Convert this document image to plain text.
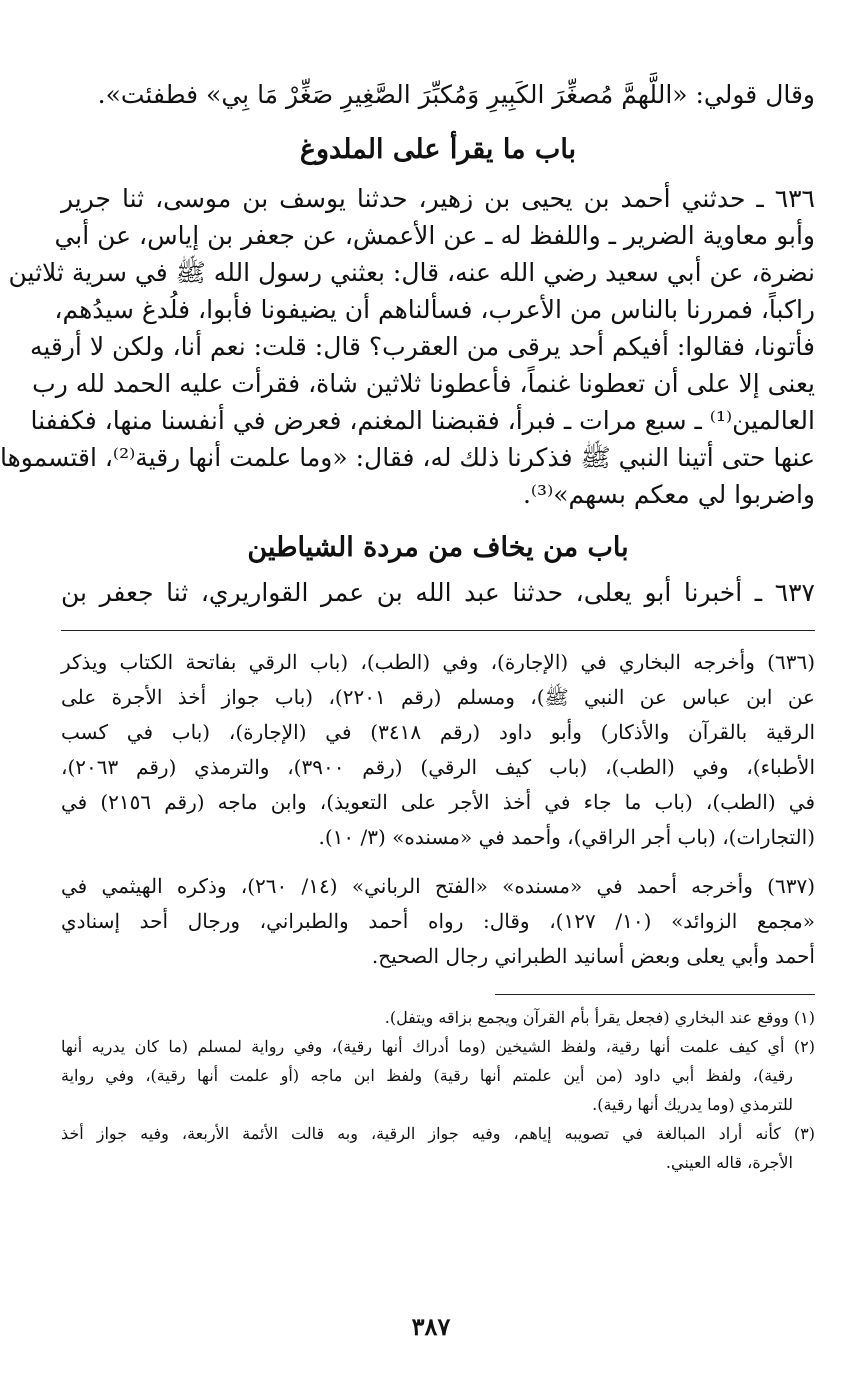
وقال قولي: «اللَّهمَّ مُصغِّرَ الكَبِيرِ وَمُكبِّرَ الصَّغِيرِ صَغِّرْ مَا بِي» فطفئت».
باب ما يقرأ على الملدوغ
٦٣٦ ـ حدثني أحمد بن يحيى بن زهير، حدثنا يوسف بن موسى، ثنا جرير
وأبو معاوية الضرير ـ واللفظ له ـ عن الأعمش، عن جعفر بن إياس، عن أبي
نضرة، عن أبي سعيد رضي الله عنه، قال: بعثني رسول الله ﷺ في سرية ثلاثين
راكباً، فمررنا بالناس من الأعرب، فسألناهم أن يضيفونا فأبوا، فلُدغ سيدُهم،
فأتونا، فقالوا: أفيكم أحد يرقى من العقرب؟ قال: قلت: نعم أنا، ولكن لا أرقيه
يعنى إلا على أن تعطونا غنماً، فأعطونا ثلاثين شاة، فقرأت عليه الحمد لله رب
العالمين⁽¹⁾ ـ سبع مرات ـ فبرأ، فقبضنا المغنم، فعرض في أنفسنا منها، فكففنا
عنها حتى أتينا النبي ﷺ فذكرنا ذلك له، فقال: «وما علمت أنها رقية⁽²⁾، اقتسموها
واضربوا لي معكم بسهم»⁽³⁾.
باب من يخاف من مردة الشياطين
٦٣٧ ـ أخبرنا أبو يعلى، حدثنا عبد الله بن عمر القواريري، ثنا جعفر بن
(٦٣٦) وأخرجه البخاري في (الإجارة)، وفي (الطب)، (باب الرقي بفاتحة الكتاب ويذكر
عن ابن عباس عن النبي ﷺ)، ومسلم (رقم ٢٢٠١)، (باب جواز أخذ الأجرة على
الرقية بالقرآن والأذكار) وأبو داود (رقم ٣٤١٨) في (الإجارة)، (باب في كسب
الأطباء)، وفي (الطب)، (باب كيف الرقي) (رقم ٣٩٠٠)، والترمذي (رقم ٢٠٦٣)،
في (الطب)، (باب ما جاء في أخذ الأجر على التعويذ)، وابن ماجه (رقم ٢١٥٦) في
(التجارات)، (باب أجر الراقي)، وأحمد في «مسنده» (٣/ ١٠).
(٦٣٧) وأخرجه أحمد في «مسنده» «الفتح الرباني» (١٤/ ٢٦٠)، وذكره الهيثمي في
«مجمع الزوائد» (١٠/ ١٢٧)، وقال: رواه أحمد والطبراني، ورجال أحد إسنادي
أحمد وأبي يعلى وبعض أسانيد الطبراني رجال الصحيح.
(١) ووقع عند البخاري (فجعل يقرأ بأم القرآن ويجمع بزاقه ويتفل).
(٢) أي كيف علمت أنها رقية، ولفظ الشيخين (وما أدراك أنها رقية)، وفي رواية لمسلم (ما كان يدريه أنها
رقية)، ولفظ أبي داود (من أين علمتم أنها رقية) ولفظ ابن ماجه (أو علمت أنها رقية)، وفي رواية
للترمذي (وما يدريك أنها رقية).
(٣) كأنه أراد المبالغة في تصويبه إياهم، وفيه جواز الرقية، وبه قالت الأئمة الأربعة، وفيه جواز أخذ
الأجرة، قاله العيني.
٣٨٧
